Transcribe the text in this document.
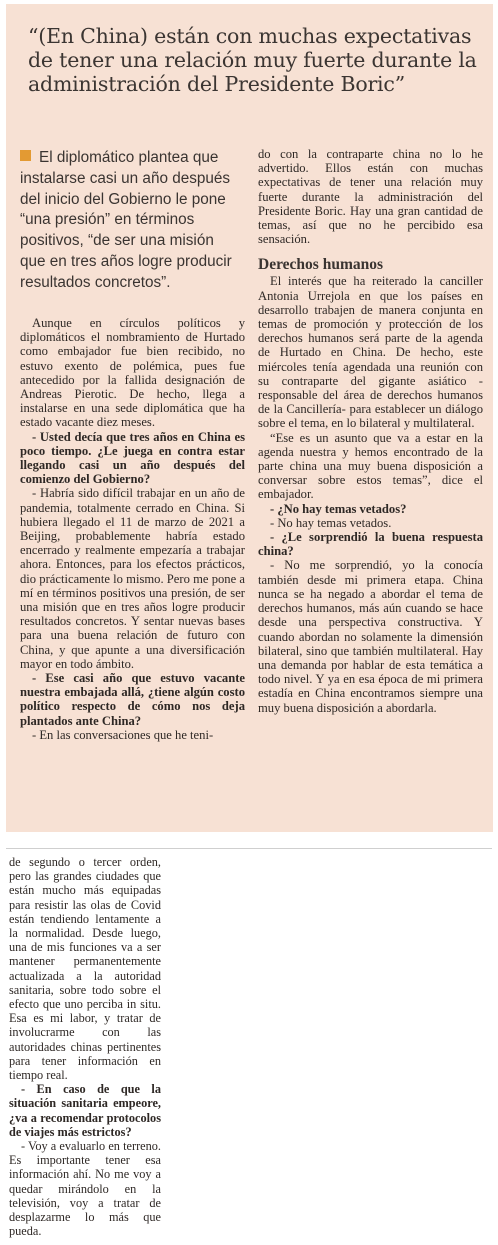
“(En China) están con muchas expectativas de tener una relación muy fuerte durante la administración del Presidente Boric”
El diplomático plantea que instalarse casi un año después del inicio del Gobierno le pone “una presión” en términos positivos, “de ser una misión que en tres años logre producir resultados concretos”.

Aunque en círculos políticos y diplomáticos el nombramiento de Hurtado como embajador fue bien recibido, no estuvo exento de polémica, pues fue antecedido por la fallida designación de Andreas Pierotic. De hecho, llega a instalarse en una sede diplomática que ha estado vacante diez meses.

- Usted decía que tres años en China es poco tiempo. ¿Le juega en contra estar llegando casi un año después del comienzo del Gobierno?

- Habría sido difícil trabajar en un año de pandemia, totalmente cerrado en China. Si hubiera llegado el 11 de marzo de 2021 a Beijing, probablemente habría estado encerrado y realmente empezaría a trabajar ahora. Entonces, para los efectos prácticos, dio prácticamente lo mismo. Pero me pone a mí en términos positivos una presión, de ser una misión que en tres años logre producir resultados concretos. Y sentar nuevas bases para una buena relación de futuro con China, y que apunte a una diversificación mayor en todo ámbito.

- Ese casi año que estuvo vacante nuestra embajada allá, ¿tiene algún costo político respecto de cómo nos deja plantados ante China?

- En las conversaciones que he teni-

do con la contraparte china no lo he advertido. Ellos están con muchas expectativas de tener una relación muy fuerte durante la administración del Presidente Boric. Hay una gran cantidad de temas, así que no he percibido esa sensación.

Derechos humanos

El interés que ha reiterado la canciller Antonia Urrejola en que los países en desarrollo trabajen de manera conjunta en temas de promoción y protección de los derechos humanos será parte de la agenda de Hurtado en China. De hecho, este miércoles tenía agendada una reunión con su contraparte del gigante asiático -responsable del área de derechos humanos de la Cancillería- para establecer un diálogo sobre el tema, en lo bilateral y multilateral.

“Ese es un asunto que va a estar en la agenda nuestra y hemos encontrado de la parte china una muy buena disposición a conversar sobre estos temas”, dice el embajador.

- ¿No hay temas vetados?

- No hay temas vetados.

- ¿Le sorprendió la buena respuesta china?

- No me sorprendió, yo la conocía también desde mi primera etapa. China nunca se ha negado a abordar el tema de derechos humanos, más aún cuando se hace desde una perspectiva constructiva. Y cuando abordan no solamente la dimensión bilateral, sino que también multilateral. Hay una demanda por hablar de esta temática a todo nivel. Y ya en esa época de mi primera estadía en China encontramos siempre una muy buena disposición a abordarla.

de segundo o tercer orden, pero las grandes ciudades que están mucho más equipadas para resistir las olas de Covid están tendiendo lentamente a la normalidad. Desde luego, una de mis funciones va a ser mantener permanentemente actualizada a la autoridad sanitaria, sobre todo sobre el efecto que uno perciba in situ. Esa es mi labor, y tratar de involucrarme con las autoridades chinas pertinentes para tener información en tiempo real.

- En caso de que la situación sanitaria empeore, ¿va a recomendar protocolos de viajes más estrictos?

- Voy a evaluarlo en terreno. Es importante tener esa información ahí. No me voy a quedar mirándolo en la televisión, voy a tratar de desplazarme lo más que pueda.
